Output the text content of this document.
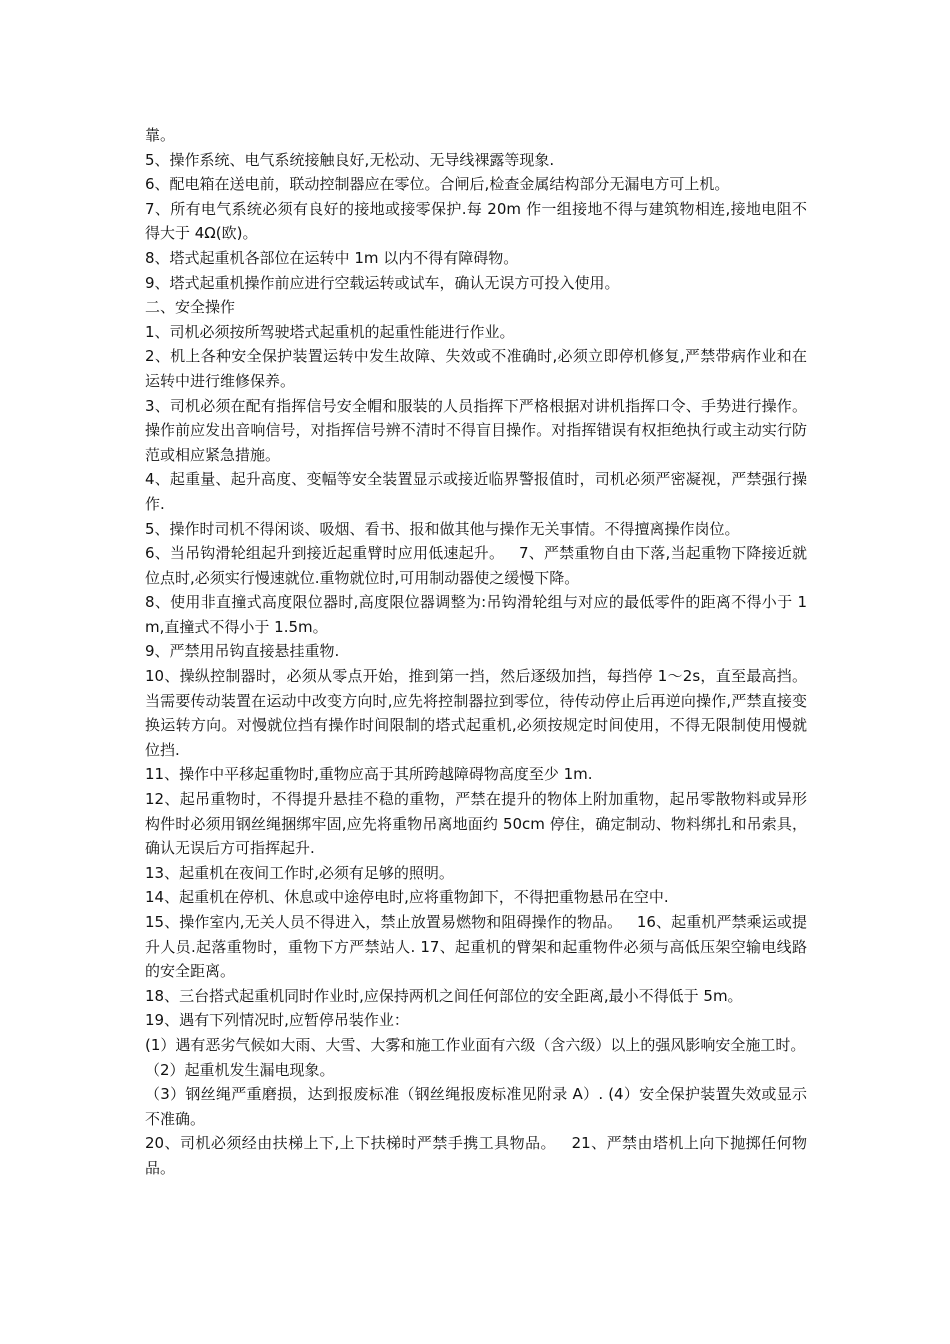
靠。

5、操作系统、电气系统接触良好,无松动、无导线裸露等现象.

6、配电箱在送电前，联动控制器应在零位。合闸后,检查金属结构部分无漏电方可上机。

7、所有电气系统必须有良好的接地或接零保护.每 20m 作一组接地不得与建筑物相连,接地电阻不得大于 4Ω(欧)。

8、塔式起重机各部位在运转中 1m 以内不得有障碍物。

9、塔式起重机操作前应进行空载运转或试车，确认无误方可投入使用。

二、安全操作

1、司机必须按所驾驶塔式起重机的起重性能进行作业。

2、机上各种安全保护装置运转中发生故障、失效或不准确时,必须立即停机修复,严禁带病作业和在运转中进行维修保养。

3、司机必须在配有指挥信号安全帽和服装的人员指挥下严格根据对讲机指挥口令、手势进行操作。操作前应发出音响信号，对指挥信号辨不清时不得盲目操作。对指挥错误有权拒绝执行或主动实行防范或相应紧急措施。

4、起重量、起升高度、变幅等安全装置显示或接近临界警报值时，司机必须严密凝视，严禁强行操作.

5、操作时司机不得闲谈、吸烟、看书、报和做其他与操作无关事情。不得擅离操作岗位。

6、当吊钩滑轮组起升到接近起重臂时应用低速起升。   7、严禁重物自由下落,当起重物下降接近就位点时,必须实行慢速就位.重物就位时,可用制动器使之缓慢下降。

8、使用非直撞式高度限位器时,高度限位器调整为:吊钩滑轮组与对应的最低零件的距离不得小于 1m,直撞式不得小于 1.5m。

9、严禁用吊钩直接悬挂重物.

10、操纵控制器时，必须从零点开始，推到第一挡，然后逐级加挡，每挡停 1～2s，直至最高挡。当需要传动装置在运动中改变方向时,应先将控制器拉到零位，待传动停止后再逆向操作,严禁直接变换运转方向。对慢就位挡有操作时间限制的塔式起重机,必须按规定时间使用，不得无限制使用慢就位挡.

11、操作中平移起重物时,重物应高于其所跨越障碍物高度至少 1m.

12、起吊重物时，不得提升悬挂不稳的重物，严禁在提升的物体上附加重物，起吊零散物料或异形构件时必须用钢丝绳捆绑牢固,应先将重物吊离地面约 50cm 停住，确定制动、物料绑扎和吊索具，确认无误后方可指挥起升.

13、起重机在夜间工作时,必须有足够的照明。

14、起重机在停机、休息或中途停电时,应将重物卸下，不得把重物悬吊在空中.

15、操作室内,无关人员不得进入，禁止放置易燃物和阻碍操作的物品。   16、起重机严禁乘运或提升人员.起落重物时，重物下方严禁站人. 17、起重机的臂架和起重物件必须与高低压架空输电线路的安全距离。

18、三台搭式起重机同时作业时,应保持两机之间任何部位的安全距离,最小不得低于 5m。

19、遇有下列情况时,应暂停吊装作业：

(1）遇有恶劣气候如大雨、大雪、大雾和施工作业面有六级（含六级）以上的强风影响安全施工时。

（2）起重机发生漏电现象。

（3）钢丝绳严重磨损，达到报废标准（钢丝绳报废标准见附录 A）. (4）安全保护装置失效或显示不准确。

20、司机必须经由扶梯上下,上下扶梯时严禁手携工具物品。   21、严禁由塔机上向下抛掷任何物品。
